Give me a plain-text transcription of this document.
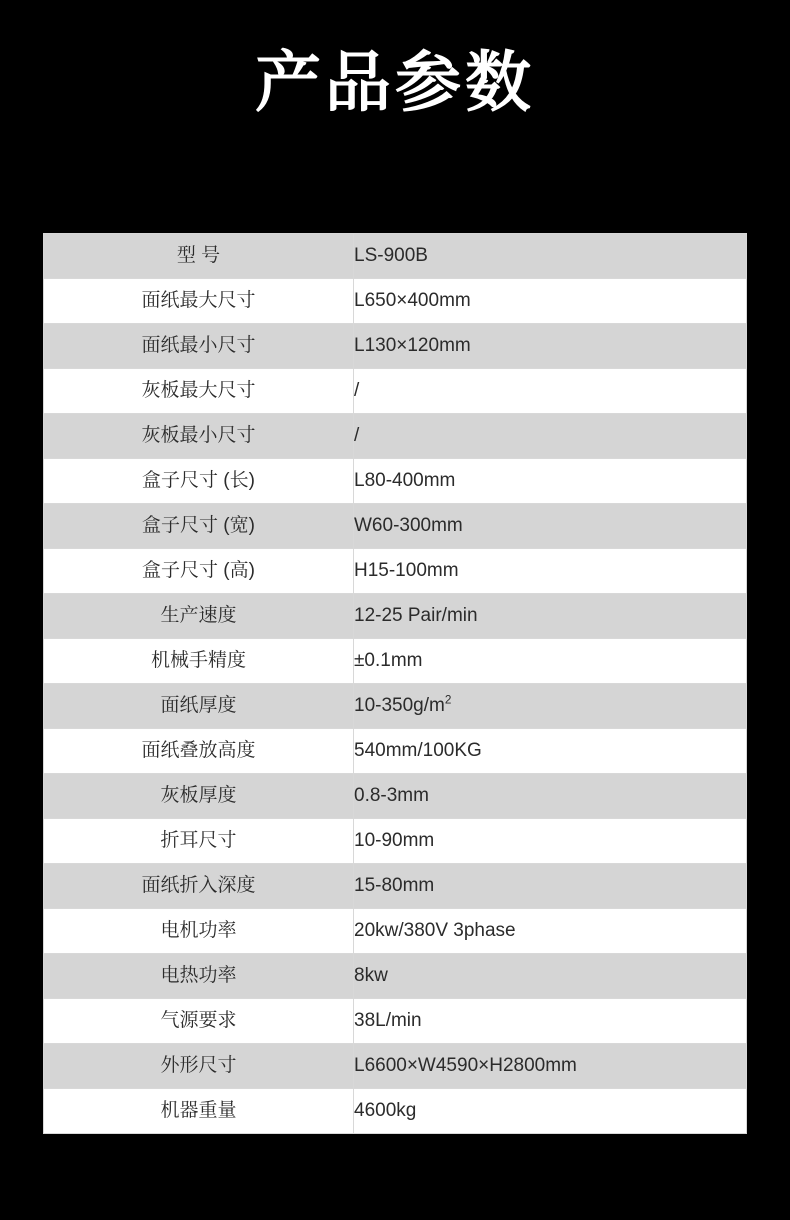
产品参数
型 号	LS-900B
面纸最大尺寸	L650×400mm
面纸最小尺寸	L130×120mm
灰板最大尺寸	/
灰板最小尺寸	/
盒子尺寸 (长)	L80-400mm
盒子尺寸 (宽)	W60-300mm
盒子尺寸 (高)	H15-100mm
生产速度	12-25 Pair/min
机械手精度	±0.1mm
面纸厚度	$10-350g/m^2$
面纸叠放高度	540mm/100KG
灰板厚度	0.8-3mm
折耳尺寸	10-90mm
面纸折入深度	15-80mm
电机功率	20kw/380V 3phase
电热功率	8kw
气源要求	38L/min
外形尺寸	L6600×W4590×H2800mm
机器重量	4600kg
